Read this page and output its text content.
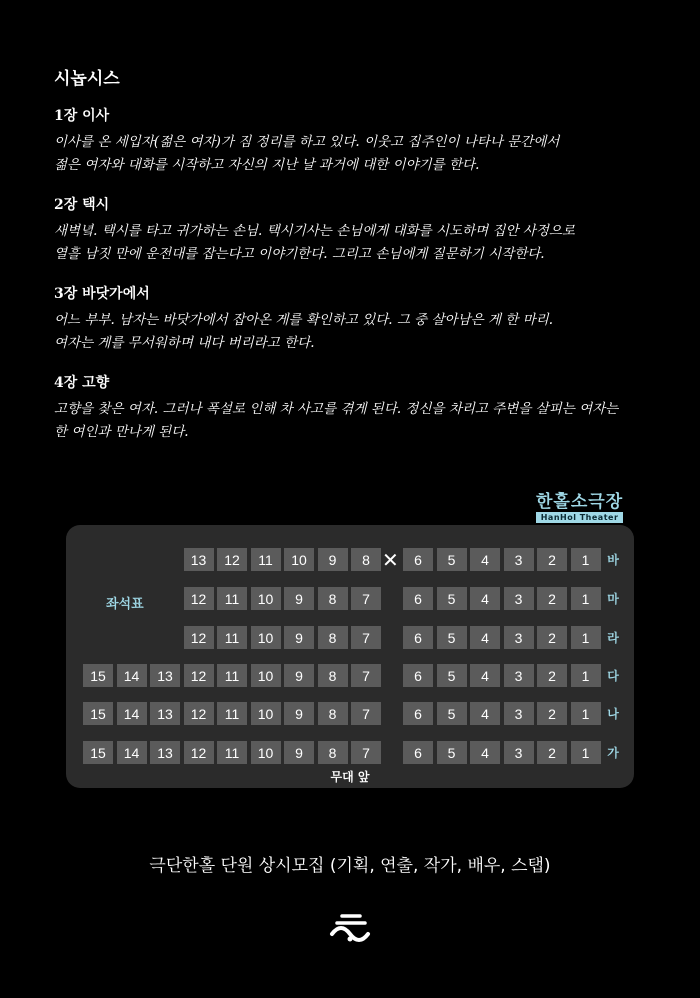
시놉시스
1장 이사

이사를 온 세입자(젊은 여자)가 짐 정리를 하고 있다. 이웃고 집주인이 나타나 문간에서
젊은 여자와 대화를 시작하고 자신의 지난 날 과거에 대한 이야기를 한다.

2장 택시

새벽녘. 택시를 타고 귀가하는 손님. 택시기사는 손님에게 대화를 시도하며 집안 사정으로
열흘 남짓 만에 운전대를 잡는다고 이야기한다. 그리고 손님에게 질문하기 시작한다.

3장 바닷가에서

어느 부부. 남자는 바닷가에서 잡아온 게를 확인하고 있다. 그 중 살아남은 게 한 마리.
여자는 게를 무서워하며 내다 버리라고 한다.

4장 고향

고향을 찾은 여자. 그러나 폭설로 인해 차 사고를 겪게 된다. 정신을 차리고 주변을 살피는 여자는
한 여인과 만나게 된다.

한홀소극장
HanHol Theater
좌석표
✕
13	12	11	10	9	8	6	5	4	3	2	1	바
12	11	10	9	8	7	6	5	4	3	2	1	마
12	11	10	9	8	7	6	5	4	3	2	1	라
15	14	13	12	11	10	9	8	7	6	5	4	3	2	1	다
15	14	13	12	11	10	9	8	7	6	5	4	3	2	1	나
15	14	13	12	11	10	9	8	7	6	5	4	3	2	1	가
무대 앞
극단한홀 단원 상시모집 (기획, 연출, 작가, 배우, 스탭)
